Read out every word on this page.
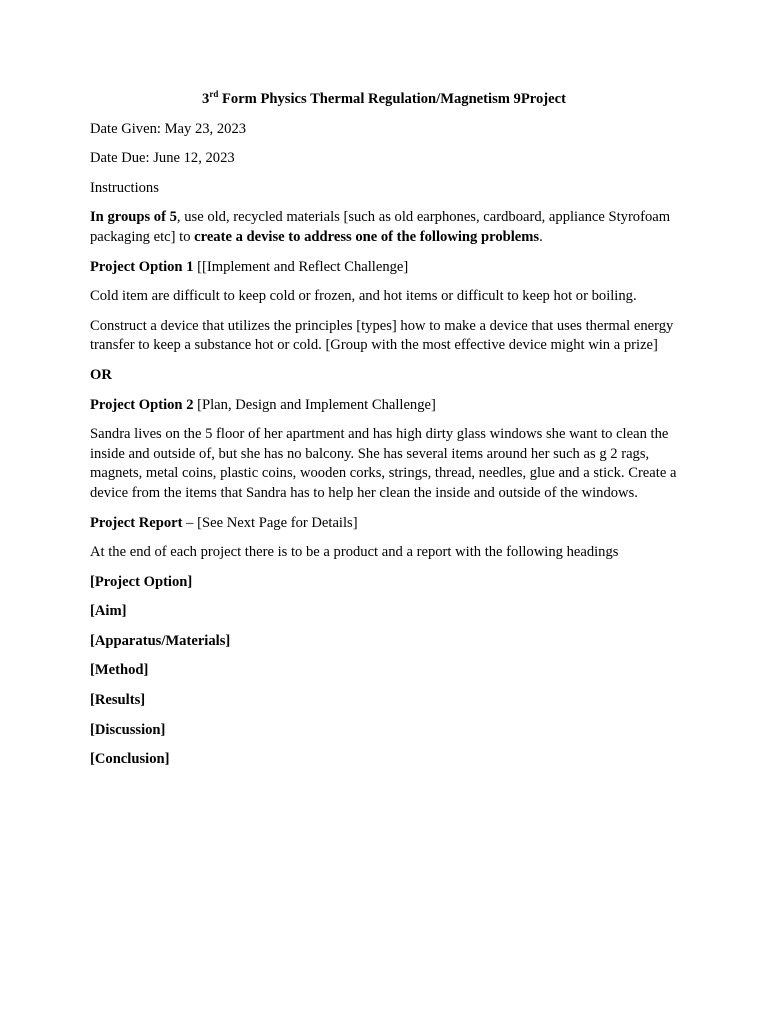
3rd Form Physics Thermal Regulation/Magnetism 9Project

Date Given: May 23, 2023

Date Due: June 12, 2023

Instructions

In groups of 5, use old, recycled materials [such as old earphones, cardboard, appliance Styrofoam packaging etc] to create a devise to address one of the following problems.

Project Option 1 [[Implement and Reflect Challenge]

Cold item are difficult to keep cold or frozen, and hot items or difficult to keep hot or boiling.

Construct a device that utilizes the principles [types] how to make a device that uses thermal energy transfer to keep a substance hot or cold. [Group with the most effective device might win a prize]

OR

Project Option 2 [Plan, Design and Implement Challenge]

Sandra lives on the 5 floor of her apartment and has high dirty glass windows she want to clean the inside and outside of, but she has no balcony. She has several items around her such as g 2 rags, magnets, metal coins, plastic coins, wooden corks, strings, thread, needles, glue and a stick. Create a device from the items that Sandra has to help her clean the inside and outside of the windows.

Project Report – [See Next Page for Details]

At the end of each project there is to be a product and a report with the following headings

[Project Option]

[Aim]

[Apparatus/Materials]

[Method]

[Results]

[Discussion]

[Conclusion]
